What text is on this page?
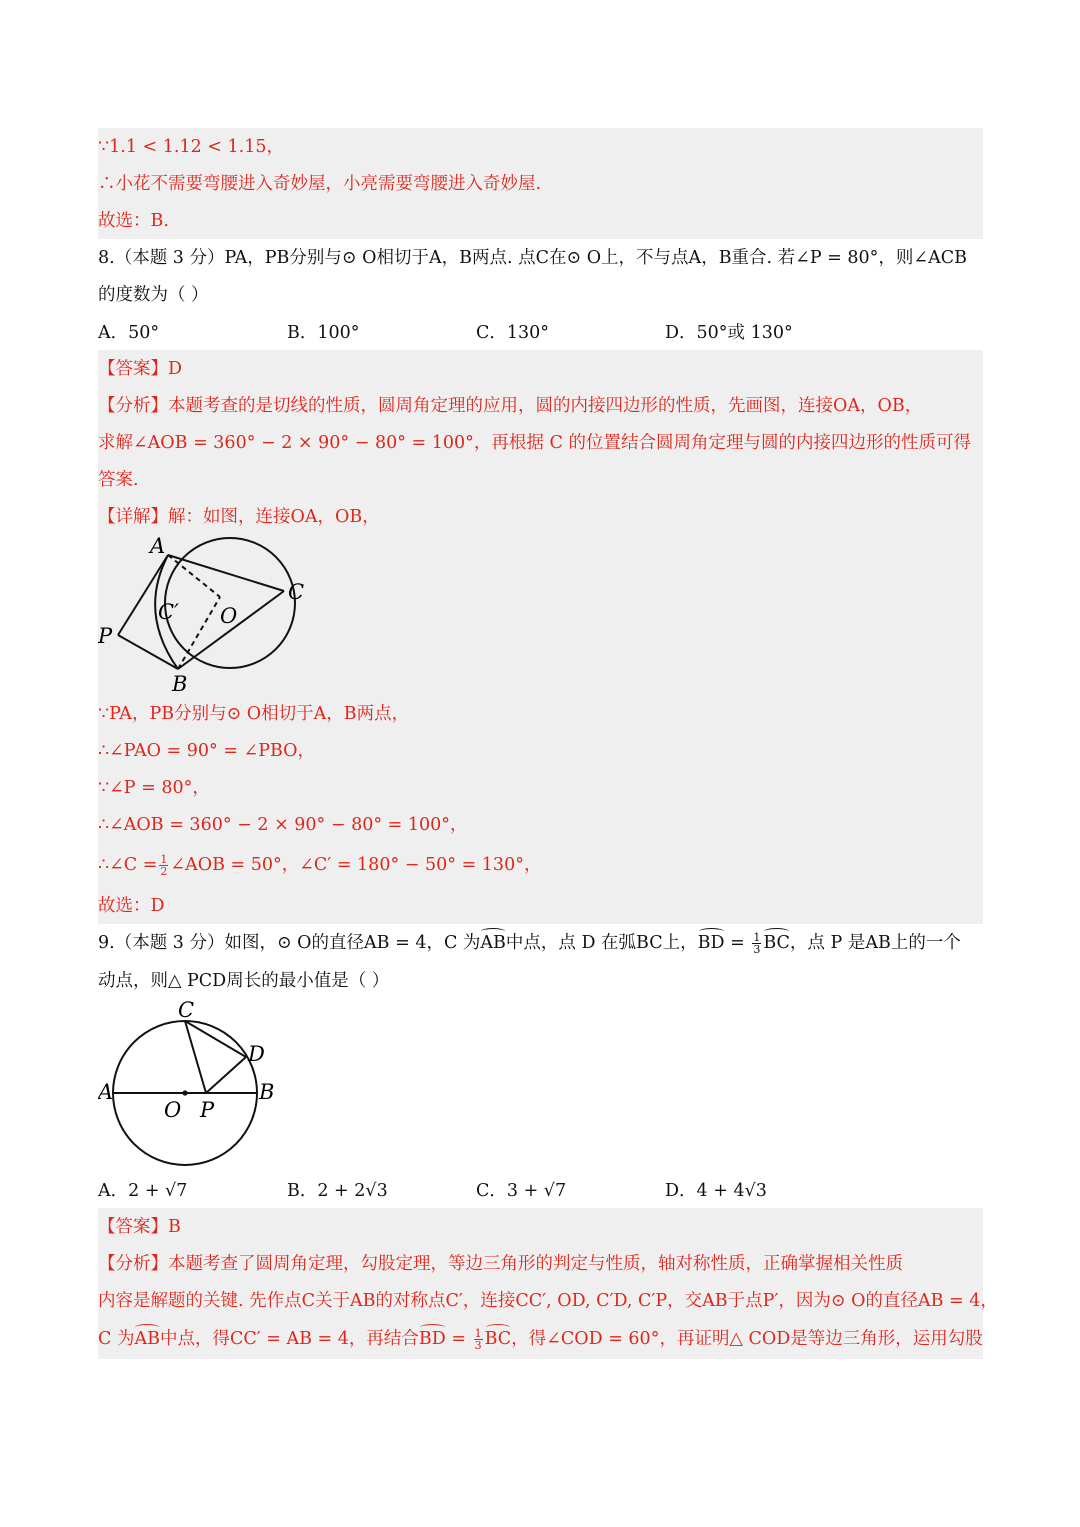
∵1.1 < 1.12 < 1.15，
∴小花不需要弯腰进入奇妙屋，小亮需要弯腰进入奇妙屋.
故选：B.
8.（本题 3 分）PA，PB分别与⊙ O相切于A，B两点. 点C在⊙ O上，不与点A，B重合. 若∠P = 80°，则∠ACB
的度数为（ ）
A．50°	B．100°	C．130°	D．50°或 130°
【答案】D
【分析】本题考查的是切线的性质，圆周角定理的应用，圆的内接四边形的性质，先画图，连接OA，OB，
求解∠AOB = 360° − 2 × 90° − 80° = 100°，再根据 C 的位置结合圆周角定理与圆的内接四边形的性质可得
答案.
【详解】解：如图，连接OA，OB，
A
C
C′ O
P
B
∵PA，PB分别与⊙ O相切于A，B两点，
∴∠PAO = 90° = ∠PBO，
∵∠P = 80°，
∴∠AOB = 360° − 2 × 90° − 80° = 100°，
∴∠C = $\frac{1}{2}$ ∠AOB = 50°，∠C′ = 180° − 50° = 130°，
故选：D
9.（本题 3 分）如图，⊙ O的直径AB = 4，C 为 AB 中点，点 D 在弧BC上， BD = $\frac{1}{3}$ BC ，点 P 是AB上的一个
动点，则△ PCD周长的最小值是（ ）
C
D
A	B
O P
A．2 + √7	B．2 + 2√3	C．3 + √7	D．4 + 4√3
【答案】B
【分析】本题考查了圆周角定理，勾股定理，等边三角形的判定与性质，轴对称性质，正确掌握相关性质
内容是解题的关键. 先作点C关于AB的对称点C′，连接CC′, OD, C′D, C′P，交AB于点P′，因为⊙ O的直径AB = 4，
C 为 AB 中点，得CC′ = AB = 4，再结合 BD = $\frac{1}{3}$ BC ，得∠COD = 60°，再证明△ COD是等边三角形，运用勾股
